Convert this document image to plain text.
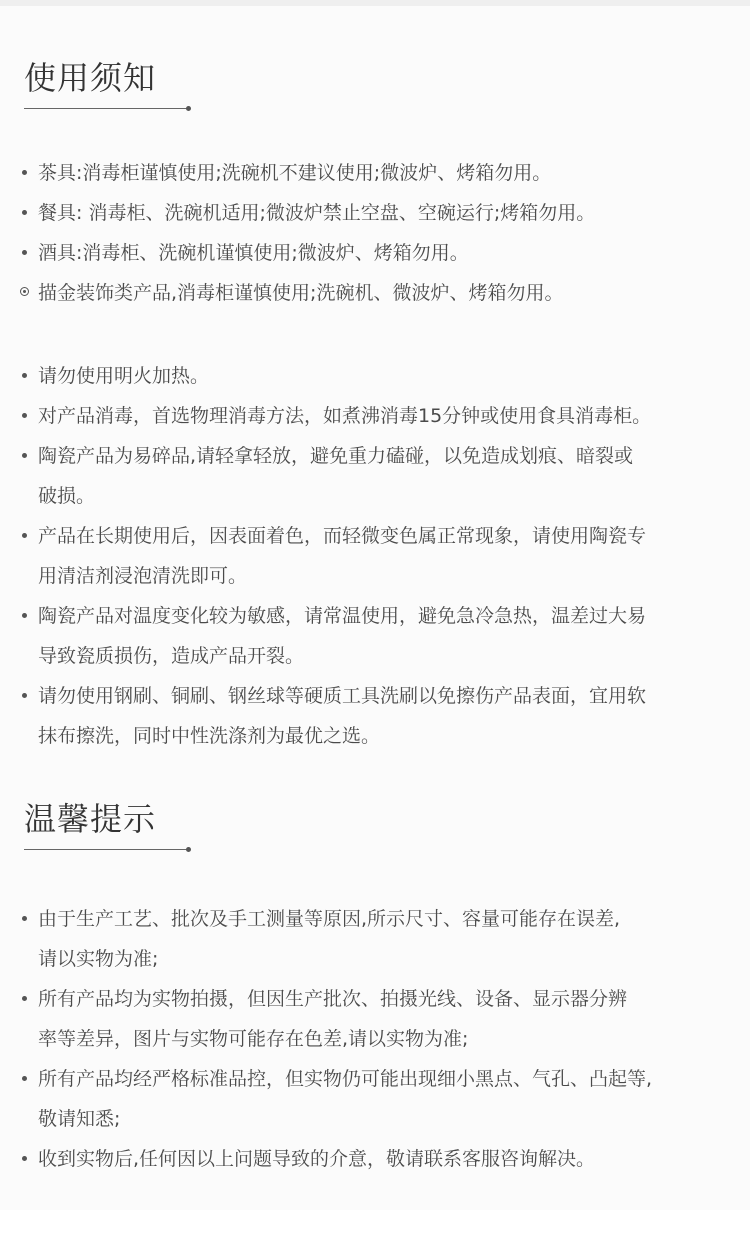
使用须知
茶具:消毒柜谨慎使用;洗碗机不建议使用;微波炉、烤箱勿用。
餐具: 消毒柜、洗碗机适用;微波炉禁止空盘、空碗运行;烤箱勿用。
酒具:消毒柜、洗碗机谨慎使用;微波炉、烤箱勿用。
描金装饰类产品,消毒柜谨慎使用;洗碗机、微波炉、烤箱勿用。
请勿使用明火加热。
对产品消毒，首选物理消毒方法，如煮沸消毒15分钟或使用食具消毒柜。
陶瓷产品为易碎品,请轻拿轻放，避免重力磕碰，以免造成划痕、暗裂或
破损。
产品在长期使用后，因表面着色，而轻微变色属正常现象，请使用陶瓷专
用清洁剂浸泡清洗即可。
陶瓷产品对温度变化较为敏感，请常温使用，避免急冷急热，温差过大易
导致瓷质损伤，造成产品开裂。
请勿使用钢刷、铜刷、钢丝球等硬质工具洗刷以免擦伤产品表面，宜用软
抹布擦洗，同时中性洗涤剂为最优之选。
温馨提示
由于生产工艺、批次及手工测量等原因,所示尺寸、容量可能存在误差,
请以实物为准;
所有产品均为实物拍摄，但因生产批次、拍摄光线、设备、显示器分辨
率等差异，图片与实物可能存在色差,请以实物为准;
所有产品均经严格标准品控，但实物仍可能出现细小黑点、气孔、凸起等,
敬请知悉;
收到实物后,任何因以上问题导致的介意，敬请联系客服咨询解决。
